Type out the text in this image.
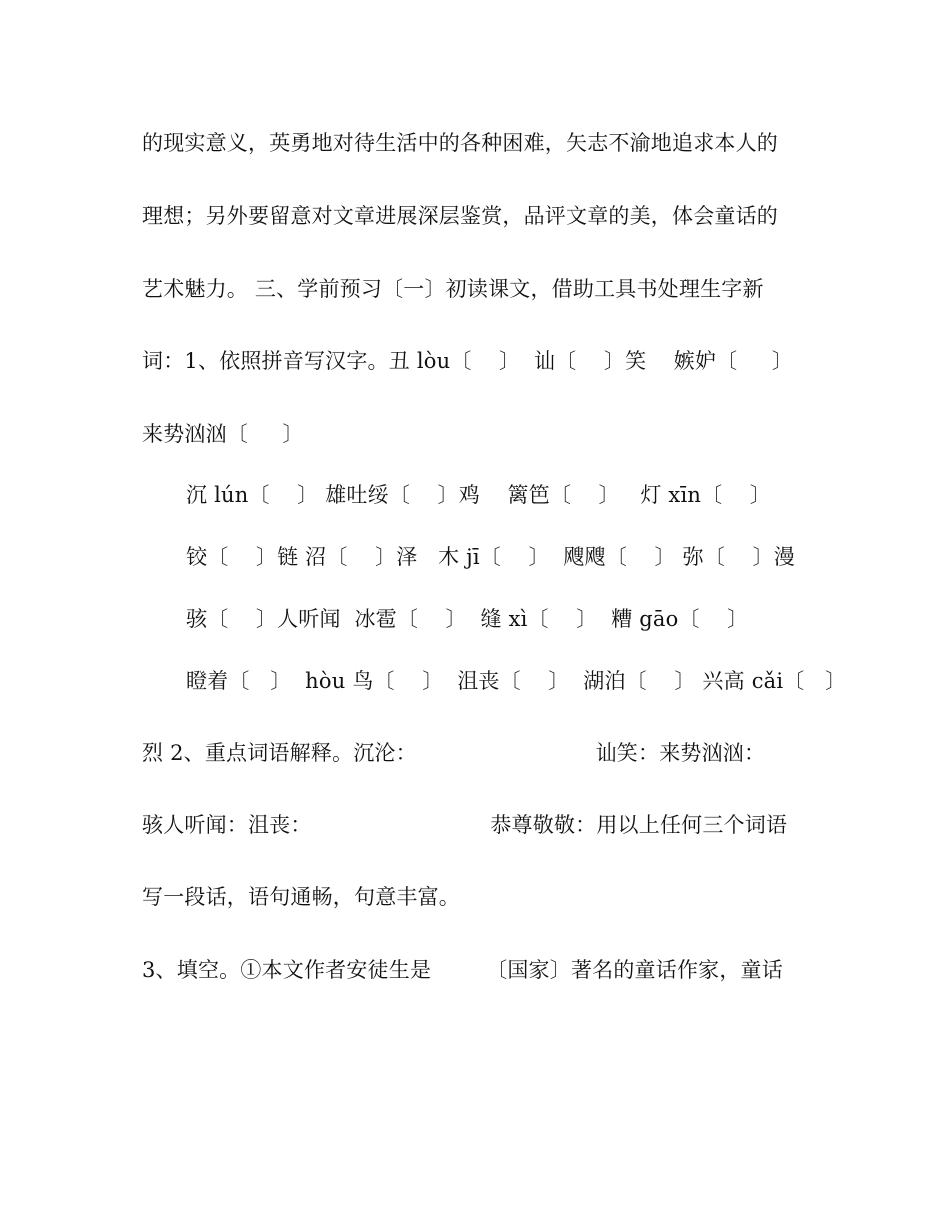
的现实意义，英勇地对待生活中的各种困难，矢志不渝地追求本人的
理想；另外要留意对文章进展深层鉴赏，品评文章的美，体会童话的
艺术魅力。 三、学前预习〔一〕初读课文，借助工具书处理生字新
词：1、依照拼音写汉字。丑 lòu〔    〕  讪〔    〕笑    嫉妒〔     〕
来势汹汹〔     〕
沉 lún〔    〕 雄吐绥〔    〕鸡    篱笆〔    〕   灯 xīn〔    〕
铰〔    〕链 沼〔    〕泽   木 jī〔    〕  飕飕〔    〕 弥〔    〕漫
骇〔    〕人听闻  冰雹〔    〕  缝 xì〔    〕  糟 gāo〔    〕
瞪着〔   〕  hòu 鸟〔    〕  沮丧〔    〕  湖泊〔    〕 兴高 cǎi〔   〕
烈 2、重点词语解释。沉沦：                          讪笑：来势汹汹：
骇人听闻：沮丧：                          恭尊敬敬：用以上任何三个词语
写一段话，语句通畅，句意丰富。
3、填空。①本文作者安徒生是        〔国家〕著名的童话作家，童话
